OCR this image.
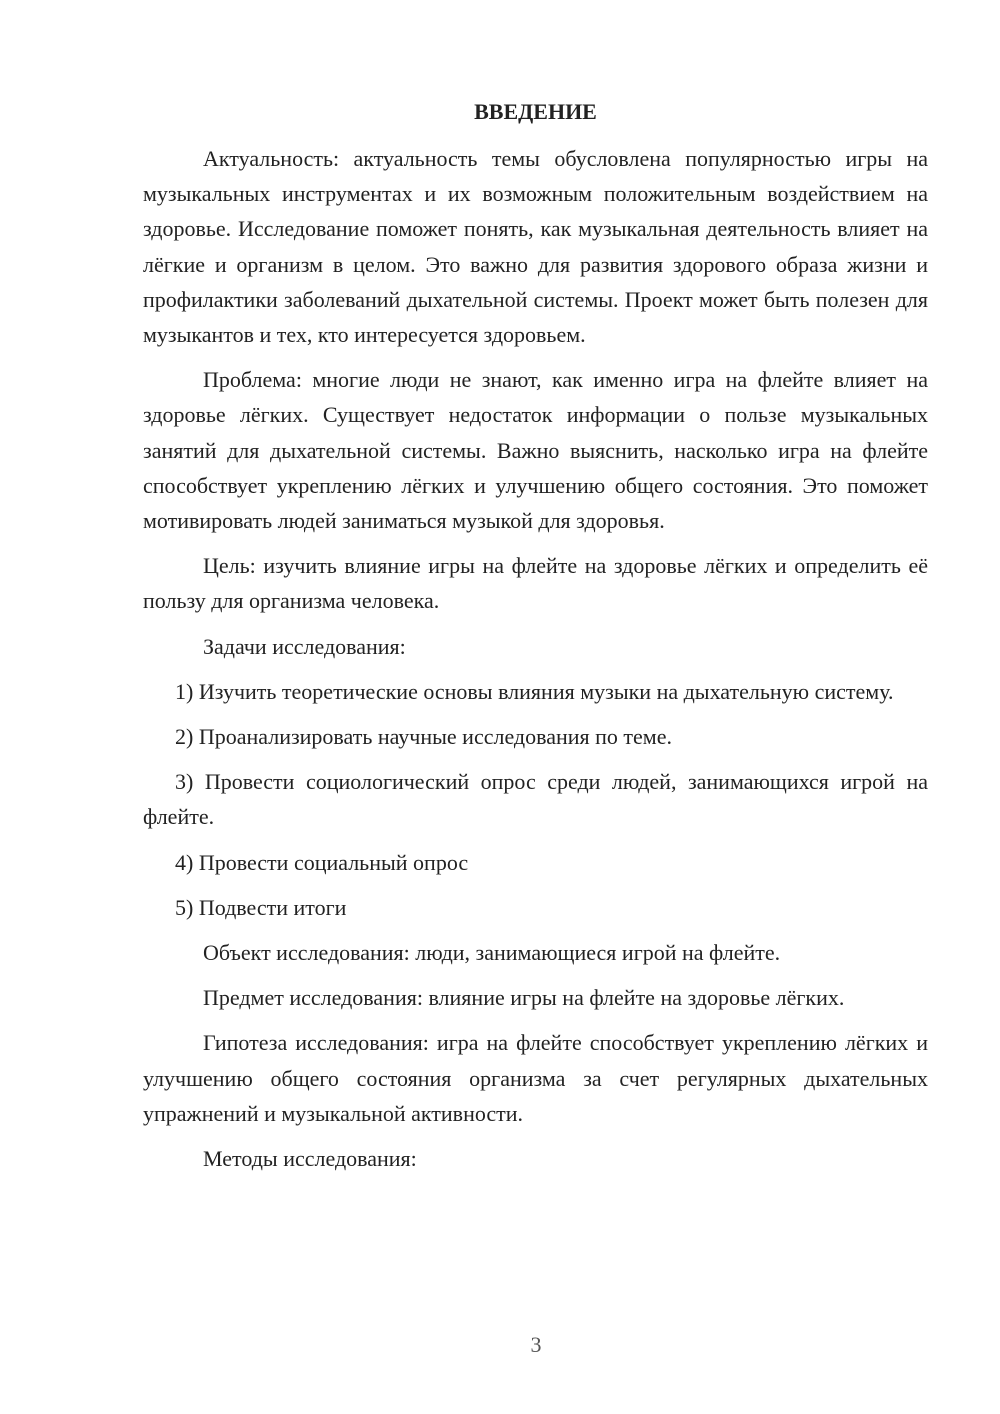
ВВЕДЕНИЕ

Актуальность: актуальность темы обусловлена популярностью игры на музыкальных инструментах и их возможным положительным воздействием на здоровье. Исследование поможет понять, как музыкальная деятельность влияет на лёгкие и организм в целом. Это важно для развития здорового образа жизни и профилактики заболеваний дыхательной системы. Проект может быть полезен для музыкантов и тех, кто интересуется здоровьем.

Проблема: многие люди не знают, как именно игра на флейте влияет на здоровье лёгких. Существует недостаток информации о пользе музыкальных занятий для дыхательной системы. Важно выяснить, насколько игра на флейте способствует укреплению лёгких и улучшению общего состояния. Это поможет мотивировать людей заниматься музыкой для здоровья.

Цель: изучить влияние игры на флейте на здоровье лёгких и определить её пользу для организма человека.

Задачи исследования:

1) Изучить теоретические основы влияния музыки на дыхательную систему.

2) Проанализировать научные исследования по теме.

3) Провести социологический опрос среди людей, занимающихся игрой на флейте.

4) Провести социальный опрос

5) Подвести итоги

Объект исследования: люди, занимающиеся игрой на флейте.

Предмет исследования: влияние игры на флейте на здоровье лёгких.

Гипотеза исследования: игра на флейте способствует укреплению лёгких и улучшению общего состояния организма за счет регулярных дыхательных упражнений и музыкальной активности.

Методы исследования:

3
